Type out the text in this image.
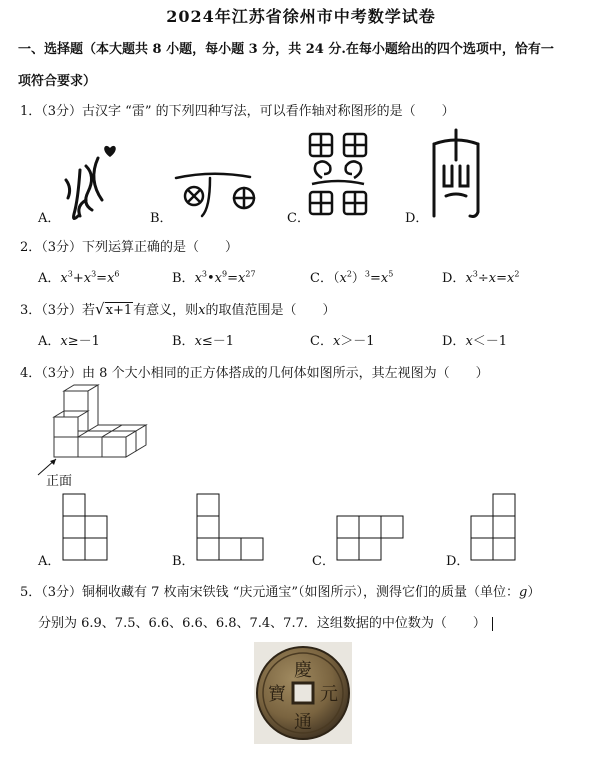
2024年江苏省徐州市中考数学试卷
一、选择题（本大题共 8 小题，每小题 3 分，共 24 分.在每小题给出的四个选项中，恰有一
项符合要求）
1．（3分）古汉字 “雷” 的下列四种写法，可以看作轴对称图形的是（　　）
A．	B．	C．	D．
2．（3分）下列运算正确的是（　　）
A．$x^3+x^3=x^6$	B．$x^3•x^9=x^{27}$	C．$(x^2)^3=x^5$	D．$x^3\div x=x^2$
3．（3分）若√x+1有意义，则x的取值范围是（　　）
A．x≥－1	B．x≤－1	C．x＞－1	D．x＜－1
4．（3分）由 8 个大小相同的正方体搭成的几何体如图所示，其左视图为（　　）
正面
A．	B．	C．	D．
5．（3分）铜桐收藏有 7 枚南宋铁钱 “庆元通宝”（如图所示），测得它们的质量（单位：g）
分别为 6.9、7.5、6.6、6.6、6.8、7.4、7.7．这组数据的中位数为（　　）
慶
元
通
寶
